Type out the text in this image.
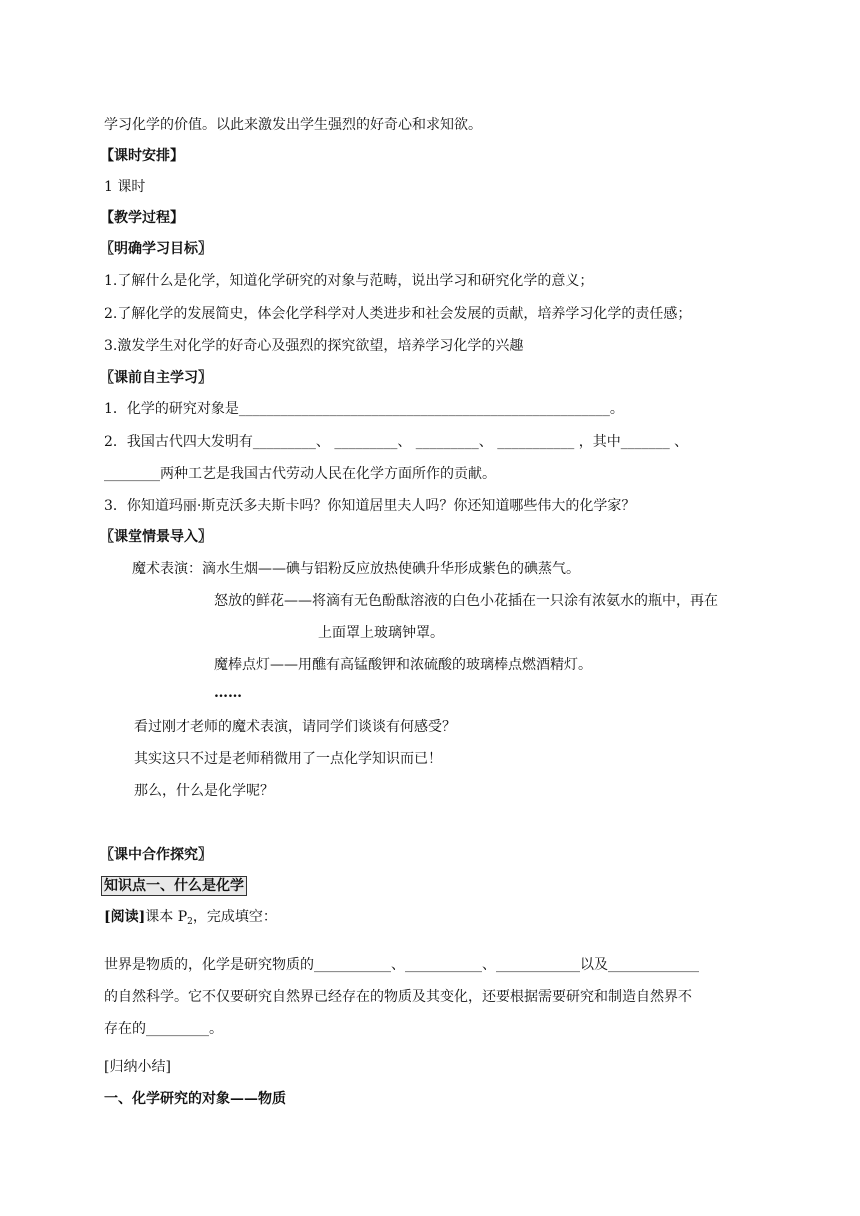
学习化学的价值。以此来激发出学生强烈的好奇心和求知欲。
【课时安排】
1 课时
【教学过程】
〖明确学习目标〗
1.了解什么是化学，知道化学研究的对象与范畴，说出学习和研究化学的意义；
2.了解化学的发展简史，体会化学科学对人类进步和社会发展的贡献，培养学习化学的责任感；
3.激发学生对化学的好奇心及强烈的探究欲望，培养学习化学的兴趣
〖课前自主学习〗
1．化学的研究对象是_____________________________________________________。
2．我国古代四大发明有_________、 _________、 _________、 ___________ ，其中_______ 、
________两种工艺是我国古代劳动人民在化学方面所作的贡献。
3．你知道玛丽·斯克沃多夫斯卡吗？你知道居里夫人吗？你还知道哪些伟大的化学家？
〖课堂情景导入〗
魔术表演：滴水生烟——碘与铝粉反应放热使碘升华形成紫色的碘蒸气。
怒放的鲜花——将滴有无色酚酞溶液的白色小花插在一只涂有浓氨水的瓶中，再在
上面罩上玻璃钟罩。
魔棒点灯——用醮有高锰酸钾和浓硫酸的玻璃棒点燃酒精灯。
……
看过刚才老师的魔术表演，请同学们谈谈有何感受？
其实这只不过是老师稍微用了一点化学知识而已！
那么，什么是化学呢？
〖课中合作探究〗
知识点一、什么是化学
[阅读]课本 $P_2$，完成填空：
世界是物质的，化学是研究物质的___________、___________、____________以及_____________
的自然科学。它不仅要研究自然界已经存在的物质及其变化，还要根据需要研究和制造自然界不
存在的_________。
[归纳小结]
一、化学研究的对象——物质
